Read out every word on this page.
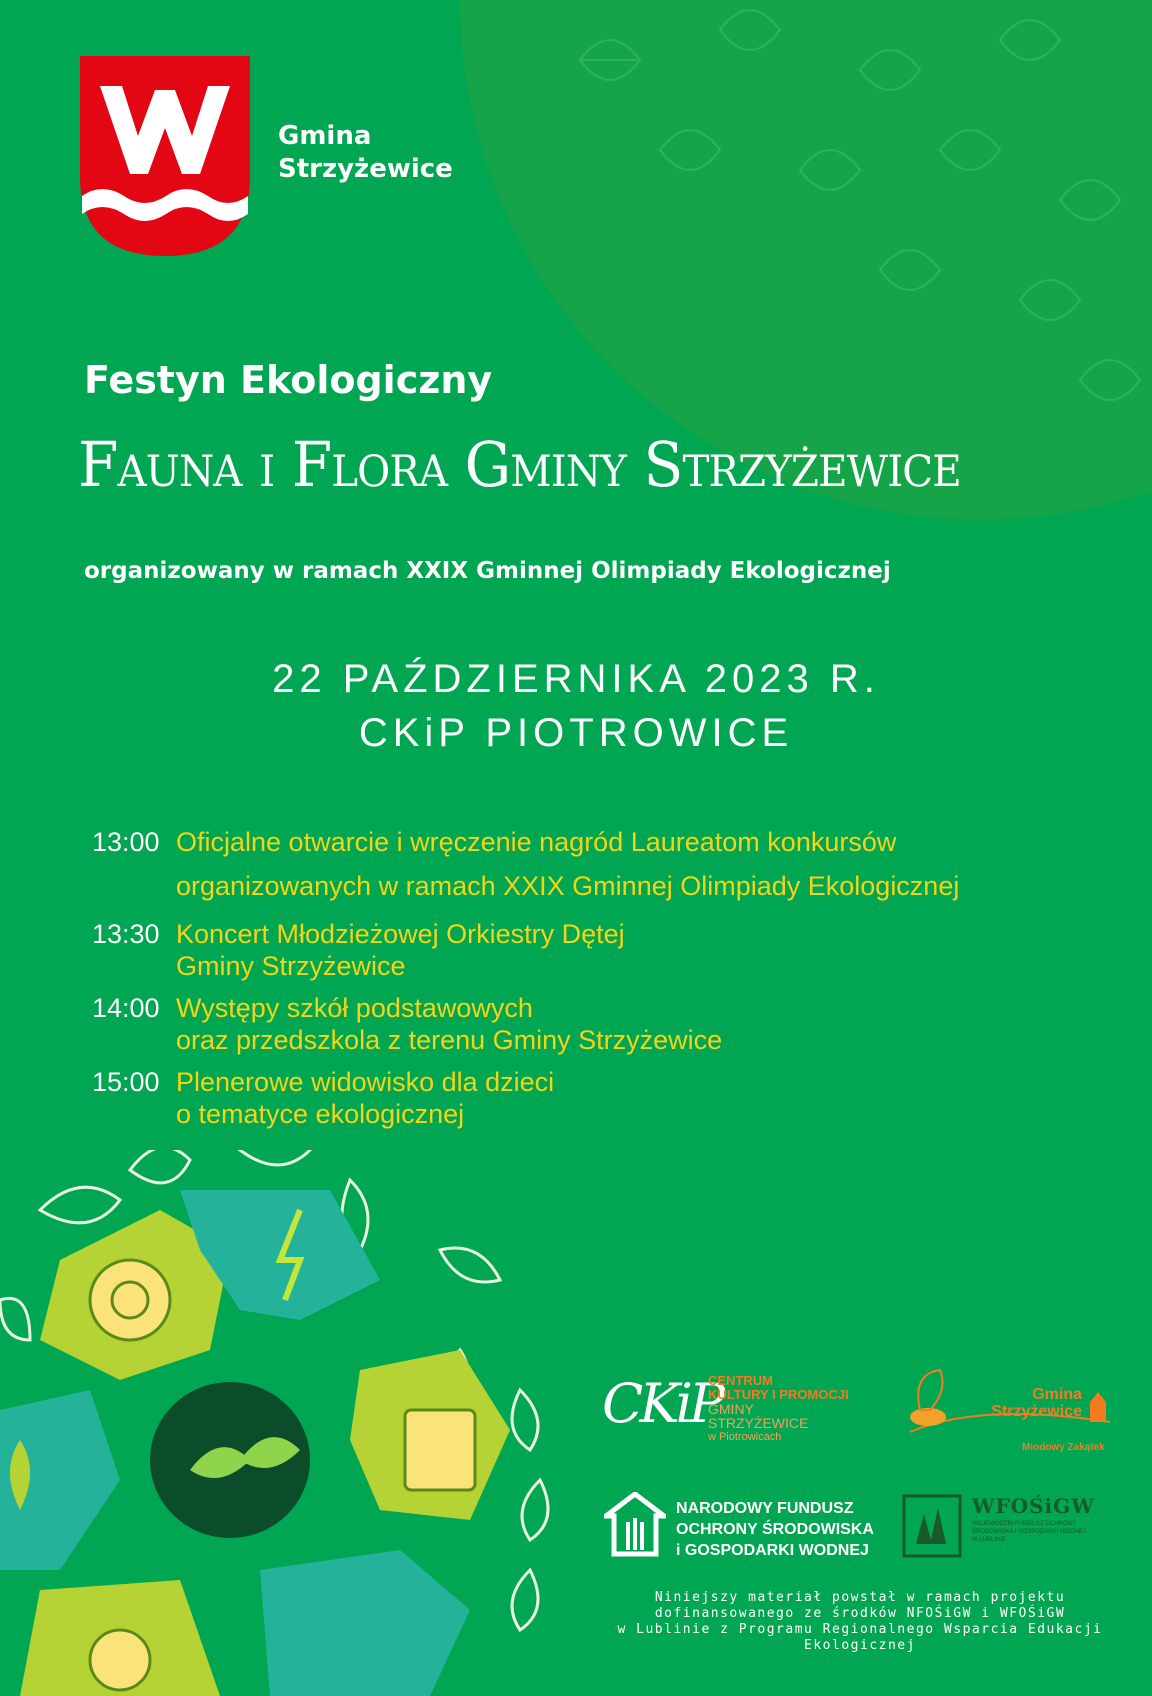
Gmina
Strzyżewice
Festyn Ekologiczny
Fauna i Flora Gminy Strzyżewice
organizowany w ramach XXIX Gminnej Olimpiady Ekologicznej
22 PAŹDZIERNIKA 2023 R.
CKiP PIOTROWICE
13:00 Oficjalne otwarcie i wręczenie nagród Laureatom konkursów
organizowanych w ramach XXIX Gminnej Olimpiady Ekologicznej
13:30 Koncert Młodzieżowej Orkiestry Dętej
Gminy Strzyżewice
14:00 Występy szkół podstawowych
oraz przedszkola z terenu Gminy Strzyżewice
15:00 Plenerowe widowisko dla dzieci
o tematyce ekologicznej
CKiP
CENTRUM
KULTURY I PROMOCJI
GMINY STRZYŻEWICE
w Piotrowicach
Gmina
Strzyżewice
Miodowy Zakątek
NARODOWY FUNDUSZ
OCHRONY ŚRODOWISKA
i GOSPODARKI WODNEJ
WFOŚiGW
WOJEWÓDZKI FUNDUSZ OCHRONY
ŚRODOWISKA I GOSPODARKI WODNEJ
W LUBLINIE
Niniejszy materiał powstał w ramach projektu
dofinansowanego ze środków NFOŚiGW i WFOŚiGW
w Lublinie z Programu Regionalnego Wsparcia Edukacji
Ekologicznej
